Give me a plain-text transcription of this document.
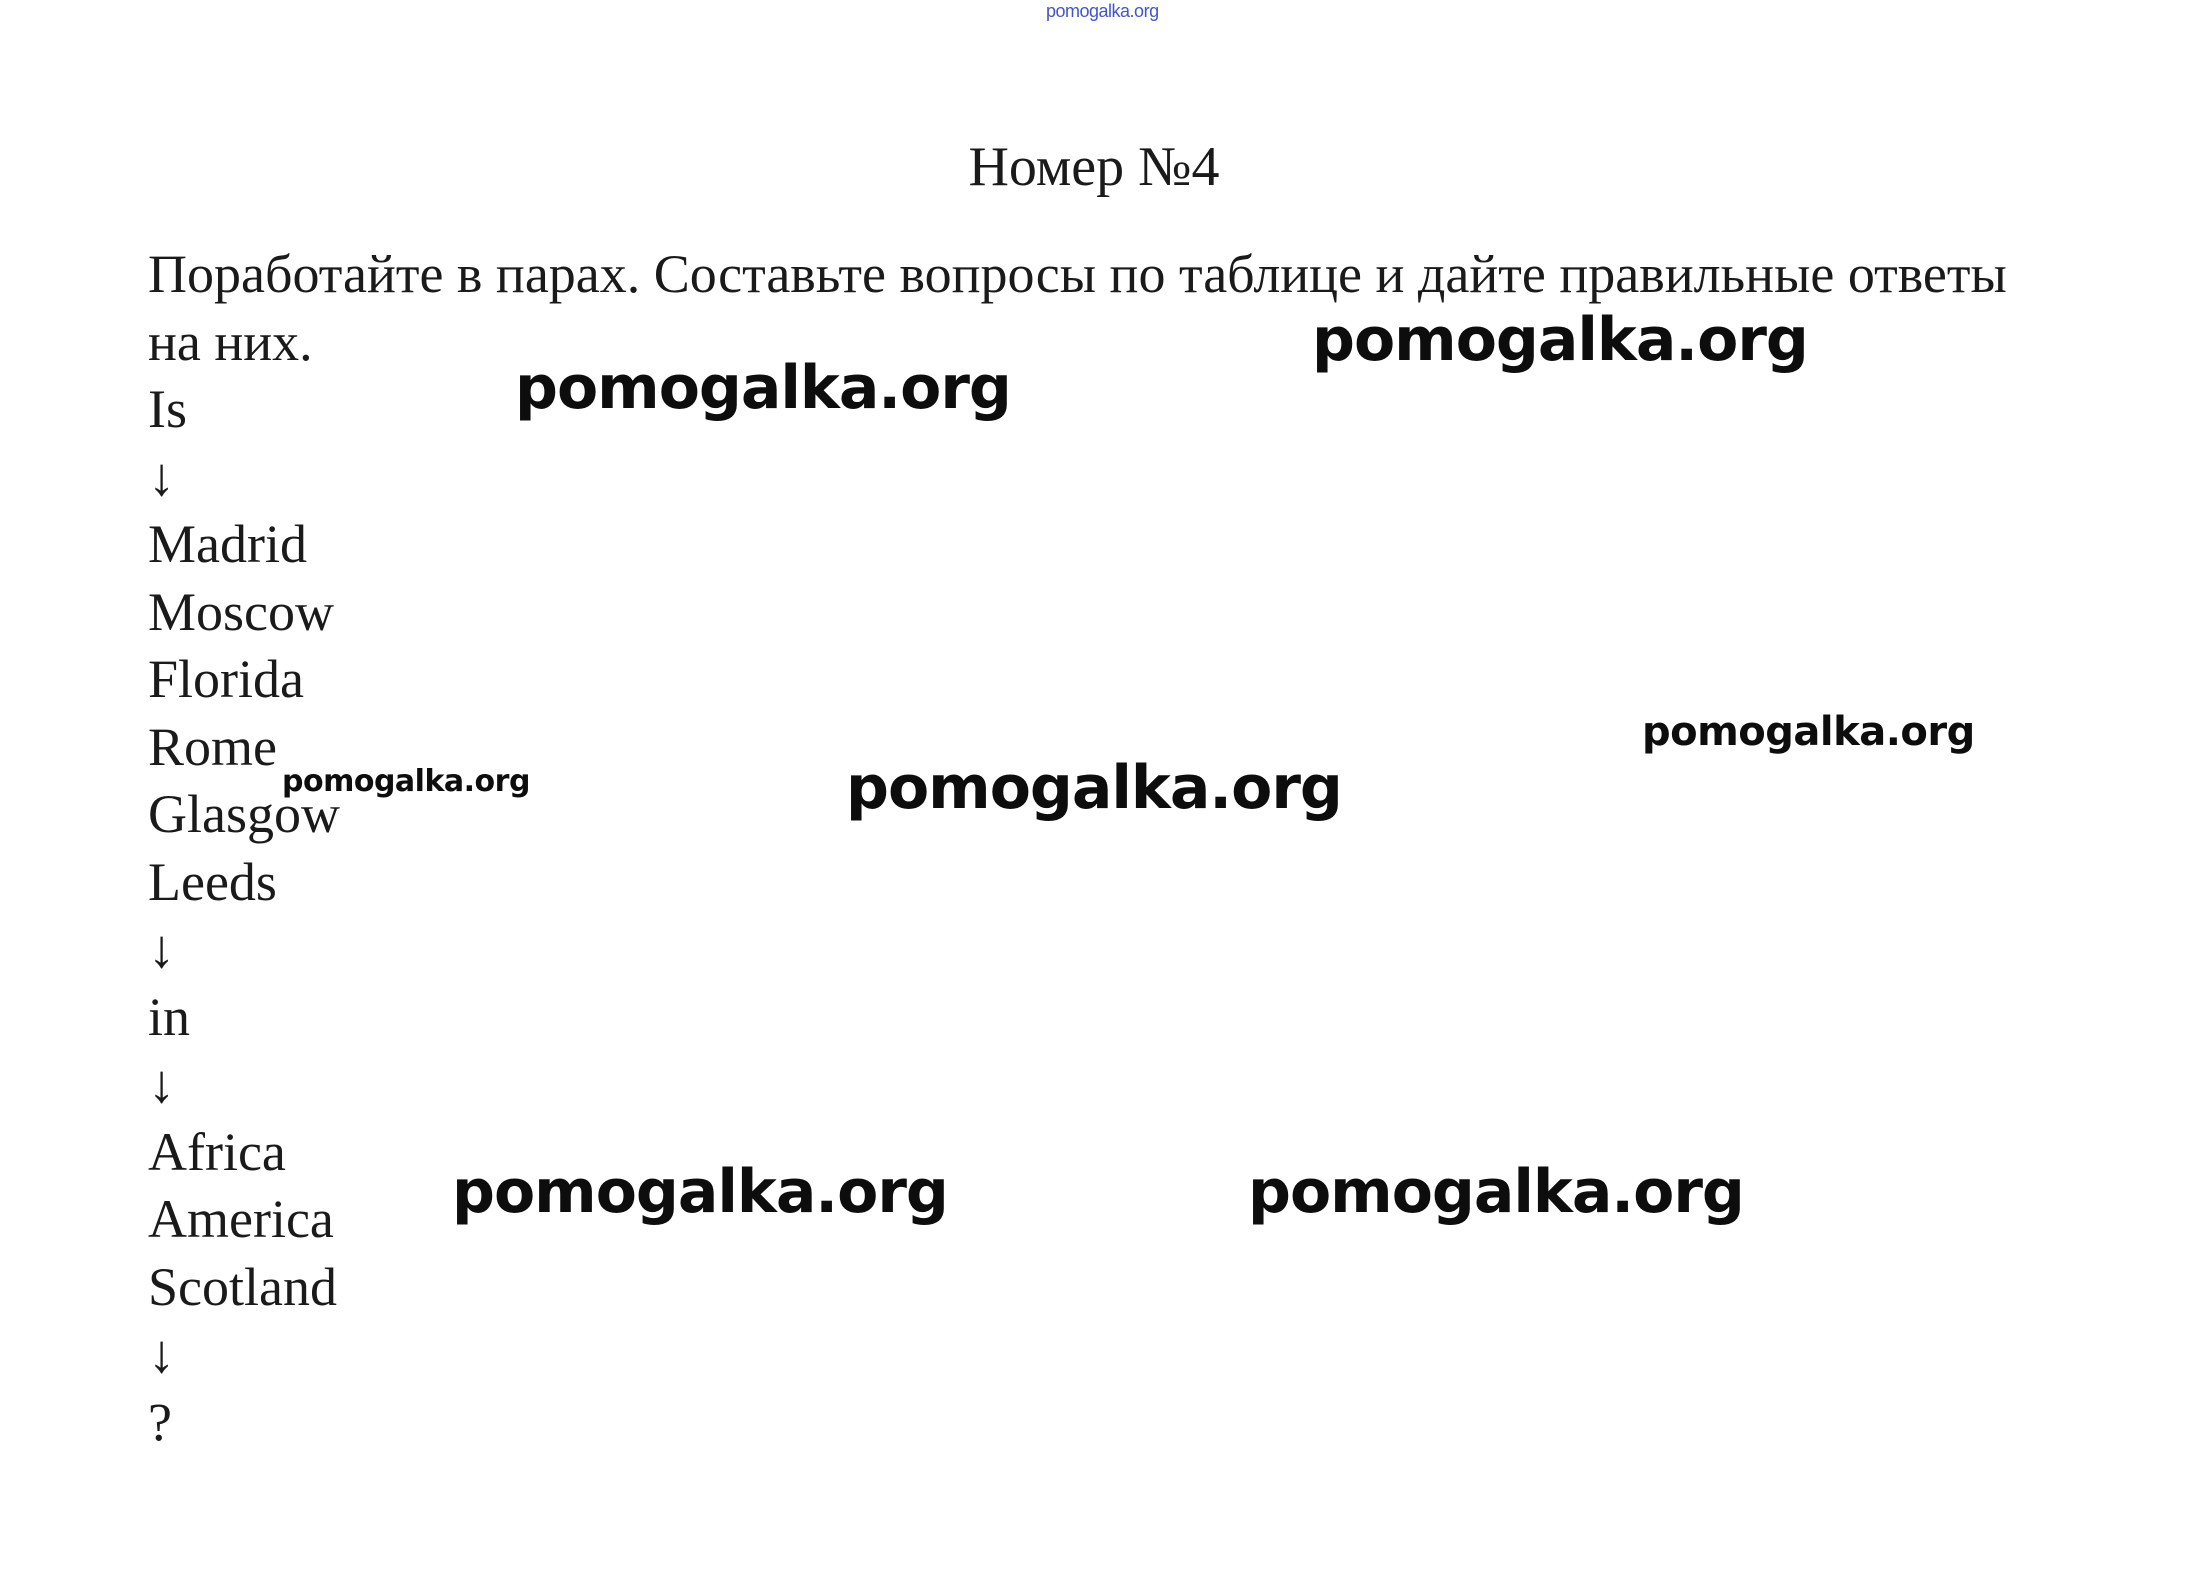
pomogalka.org
Номер №4
Поработайте в парах. Составьте вопросы по таблице и дайте правильные ответы на них.
Is
↓
Madrid
Moscow
Florida
Rome
Glasgow
Leeds
↓
in
↓
Africa
America
Scotland
↓
?
pomogalka.org
pomogalka.org
pomogalka.org	pomogalka.org
pomogalka.org
pomogalka.org	pomogalka.org
